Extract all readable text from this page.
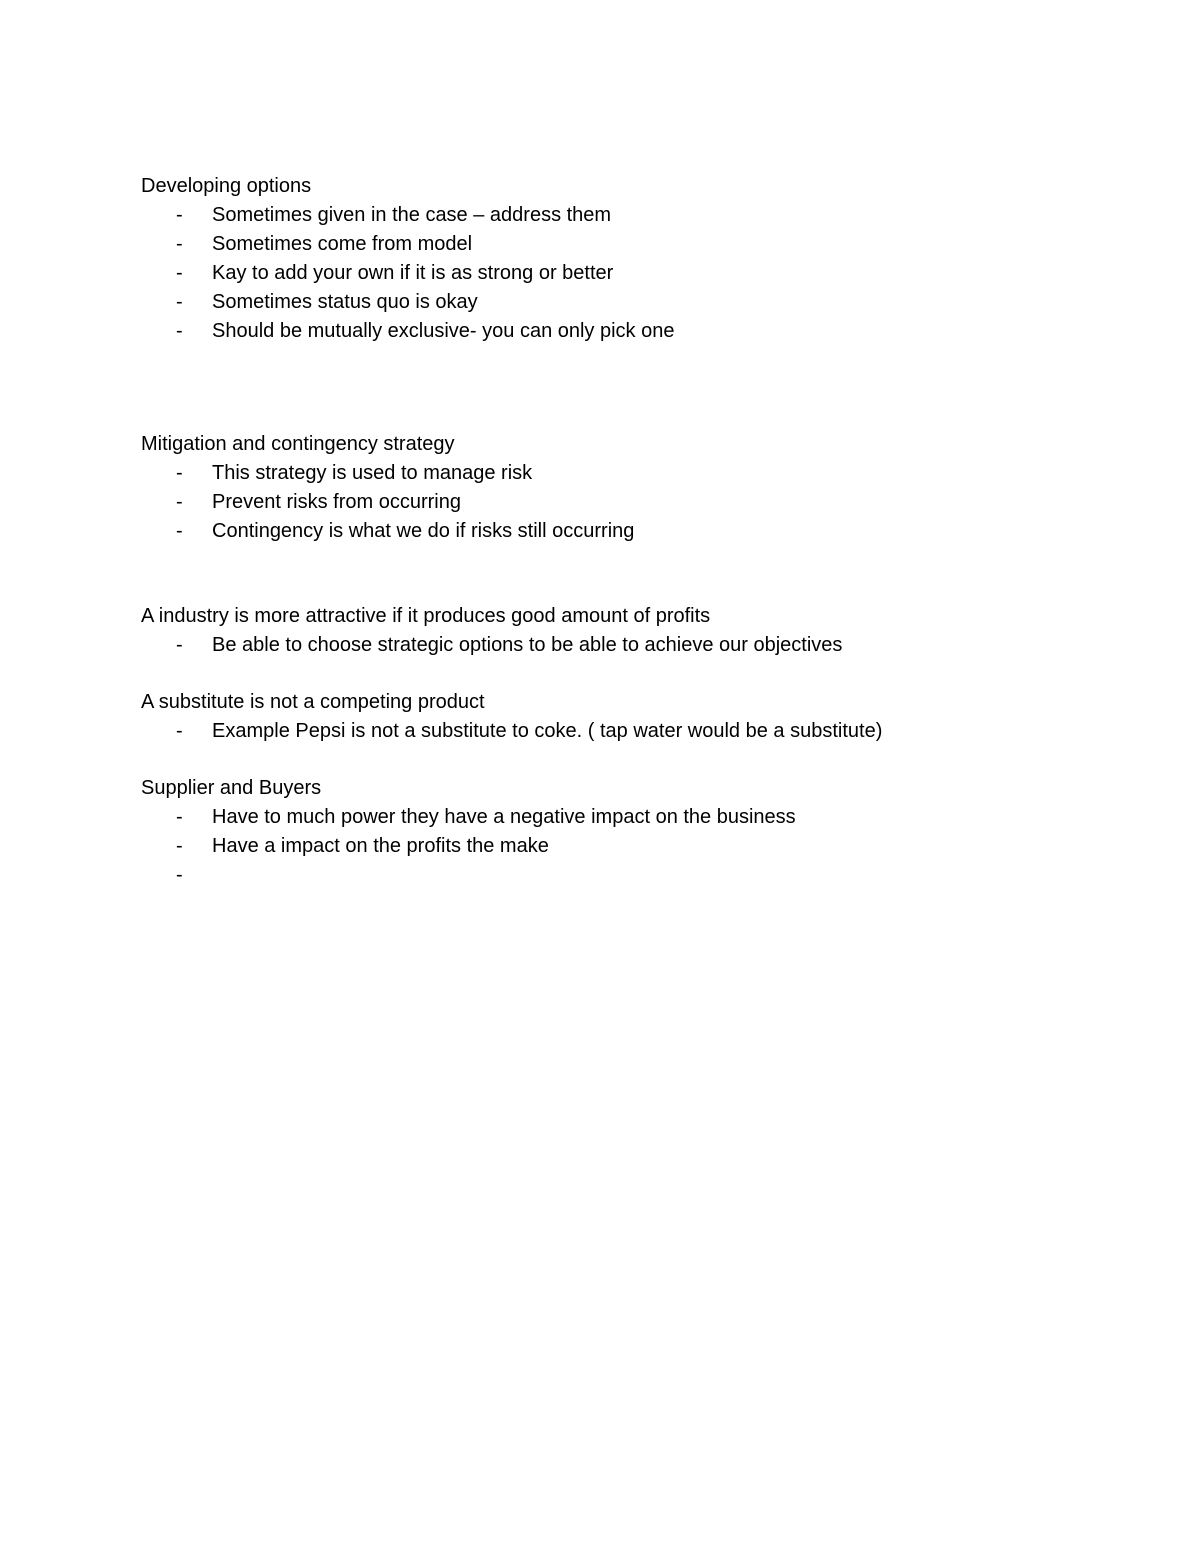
Developing options
- Sometimes given in the case – address them
- Sometimes come from model
- Kay to add your own if it is as strong or better
- Sometimes status quo is okay
- Should be mutually exclusive- you can only pick one
Mitigation and contingency strategy
- This strategy is used to manage risk
- Prevent risks from occurring
- Contingency is what we do if risks still occurring
A industry is more attractive if it produces good amount of profits
- Be able to choose strategic options to be able to achieve our objectives
A substitute is not a competing product
- Example Pepsi is not a substitute to coke. ( tap water would be a substitute)
Supplier and Buyers
- Have to much power they have a negative impact on the business
- Have a impact on the profits the make
-
